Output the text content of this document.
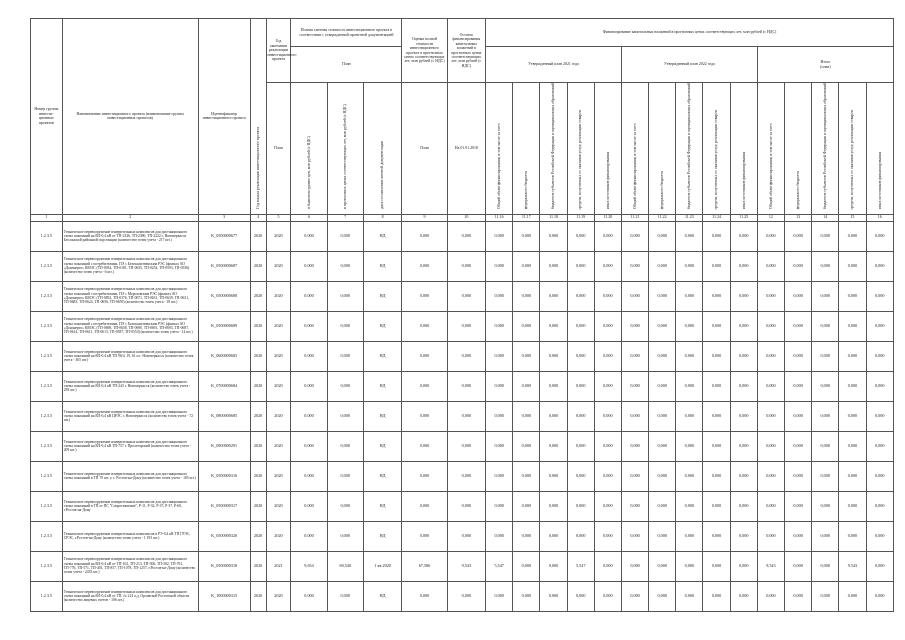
Номер группы инвести-ционных проектов	Наименование инвестиционного проекта (наименование группы инвестиционных проектов)	Идентификатор инвестиционного проекта	Год начала реализации инвестиционного проекта	Год окончания реализации инвестиционного проекта	Полная сметная стоимость инвестиционного проекта в соответствии с утвержденной проектной документацией			Оценка полной стоимости инвестиционного проекта в прогнозных ценах соответствующих лет, млн рублей (с НДС)	Остаток финансирования капитальных вложений в прогнозных ценах соответствующих лет, млн рублей (с НДС)	Финансирование капитальных вложений в прогнозных ценах соответствующих лет, млн рублей (с НДС)														
					План					Утвержденный план 2021 года					Утвержденный план 2022 года					Итого
(план)				
				План	в базисном уровне цен, млн рублей (с НДС)	в прогнозных ценах соответствующих лет, млн рублей (с НДС)	дата составления сметной документации	План	На 01.01.2018	Общий объем финансирования, в том числе за счет:	федерального бюджета	бюджетов субъектов Российской Федерации и муниципальных образований	средств, полученных от оказания услуг, реализации товаров	иных источников финансирования	Общий объем финансирования, в том числе за счет:	федерального бюджета	бюджетов субъектов Российской Федерации и муниципальных образований	средств, полученных от оказания услуг, реализации товаров	иных источников финансирования	Общий объем финансирования, в том числе за счет:	федерального бюджета	бюджетов субъектов Российской Федерации и муниципальных образований	средств, полученных от оказания услуг, реализации товаров	иных источников финансирования
1	2	3	4	5	6	7	8	9	10	11.16	11.17	11.18	11.19	11.20	11.21	11.22	11.23	11.24	11.25	12	13	14	15	16
1.2.3.5	Техническое перевооружение измерительных комплексов для дистанционного съема показаний на ВЛ-0,4 кВ от ТП-2326, ТП-2390, ТП-2222 г. Новочеркасск Бесланской районной подстанции (количество точек учета - 217 шт.)	K_0500000677	2020	2020	0,000	0,000	НД	0,000	0,000	0,000	0,000	0,000	0,000	0,000	0,000	0,000	0,000	0,000	0,000	0,000	0,000	0,000	0,000	0,000
1.2.3.5	Техническое перевооружение измерительных комплексов для дистанционного съема показаний с потребителями, ПЭ с Белокалитвенским РЭС (филиал АО «Донэнерго» КМЭС (ТП-0034, ТП-0181, ТП-0635, ТП-0254, ТП-0593, ТП-0556) (количество точек учета - 6 шт.)	K_0500000687	2020	2020	0,000	0,000	НД	0,000	0,000	0,000	0,000	0,000	0,000	0,000	0,000	0,000	0,000	0,000	0,000	0,000	0,000	0,000	0,000	0,000
1.2.3.5	Техническое перевооружение измерительных комплексов для дистанционного съема показаний с потребителями, ПЭ с Морозовским РЭС (филиал АО «Донэнерго» КМЭС (ТП-0852, ТП-0376, ТП-0071, ТП-0631, ТП-0639, ТП-0631, ТП-0683, ТП-0624, ТП-0656, ТП-0659) (количество точек учета - 18 шт.)	K_0500000688	2020	2020	0,000	0,000	НД	0,000	0,000	0,000	0,000	0,000	0,000	0,000	0,000	0,000	0,000	0,000	0,000	0,000	0,000	0,000	0,000	0,000
1.2.3.5	Техническое перевооружение измерительных комплексов для дистанционного съема показаний с потребителями, ПЭ с Белокалитвенским РЭС (филиал АО «Донэнерго» КМЭС (ТП-0698, ТП-0658, ТП-0690, ТП-0691, ТП-0693, ТП-0687, ТП-0614, ТП-0611, ТП-0613, ТП-0587, ТП-0553) (количество точек учета - 14 шт.)	K_0500000689	2020	2020	0,000	0,000	НД	0,000	0,000	0,000	0,000	0,000	0,000	0,000	0,000	0,000	0,000	0,000	0,000	0,000	0,000	0,000	0,000	0,000
1.2.3.5	Техническое перевооружение измерительных комплексов для дистанционного съема показаний на ВЛ-0,4 кВ ТП 96/4, 19, 61 и г. Новочеркасск (количество точек учета - 365 шт.)	K_0600000683	2020	2020	0,000	0,000	НД	0,000	0,000	0,000	0,000	0,000	0,000	0,000	0,000	0,000	0,000	0,000	0,000	0,000	0,000	0,000	0,000	0,000
1.2.3.5	Техническое перевооружение измерительных комплексов для дистанционного съема показаний на ВЛ-0,4 кВ ТП-243 г. Новочеркасск (количество точек учета - 258 шт.)	K_0700000684	2020	2020	0,000	0,000	НД	0,000	0,000	0,000	0,000	0,000	0,000	0,000	0,000	0,000	0,000	0,000	0,000	0,000	0,000	0,000	0,000	0,000
1.2.3.5	Техническое перевооружение измерительных комплексов для дистанционного съема показаний на ВЛ-0,4 кВ ЦРЭС г. Новочеркасск (количество точек учета - 72 шт.)	K_0800000685	2020	2020	0,000	0,000	НД	0,000	0,000	0,000	0,000	0,000	0,000	0,000	0,000	0,000	0,000	0,000	0,000	0,000	0,000	0,000	0,000	0,000
1.2.3.5	Техническое перевооружение измерительных комплексов для дистанционного съема показаний на ВЛ-0,4 кВ ТП-757 г. Пролетарский (количество точек учета - 209 шт.)	K_0900000291	2020	2020	0,000	0,000	НД	0,000	0,000	0,000	0,000	0,000	0,000	0,000	0,000	0,000	0,000	0,000	0,000	0,000	0,000	0,000	0,000	0,000
1.2.3.5	Техническое перевооружение измерительных комплексов для дистанционного съема показаний в ТП 70 шт. у. г. Ростов-на-Дону (количество точек учета - 105 шт.)	K_0500000316	2020	2020	0,000	0,000	НД	0,000	0,000	0,000	0,000	0,000	0,000	0,000	0,000	0,000	0,000	0,000	0,000	0,000	0,000	0,000	0,000	0,000
1.2.3.5	Техническое перевооружение измерительных комплексов для дистанционного съема показаний в ТП от ПС "Сопротивление", Р-11, Р-32, Р-37, Р-37, Р-60, г.Ростов-на-Дону	K_0500000317	2020	2020	0,000	0,000	НД	0,000	0,000	0,000	0,000	0,000	0,000	0,000	0,000	0,000	0,000	0,000	0,000	0,000	0,000	0,000	0,000	0,000
1.2.3.5	Техническое перевооружение измерительных комплексов в РЭ-0,4 кВ ТП ГРЭС, СРЭС, г.Ростов-на-Дону (количество точек учета - 1 193 шт.)	K_0500000320	2020	2020	0,000	0,000	НД	0,000	0,000	0,000	0,000	0,000	0,000	0,000	0,000	0,000	0,000	0,000	0,000	0,000	0,000	0,000	0,000	0,000
1.2.3.5	Техническое перевооружение измерительных комплексов для дистанционного съема показаний на ВЛ-0,4 кВ от ТП-102, ТП-213, ТП-306, ТП-302, ТП-761, ТП-776, ТП-571, ТП-401, ТП-857, ТП-1078, ТП-1257, г.Ростов-на-Дону (количество точек учета - 2435 шт.)	K_0500000318	2020	2021	9,654	69,540	1 кв 2020	67,586	9,543	5,547	0,000	0,000	5,547	0,000	0,000	0,000	0,000	0,000	0,000	9,543	0,000	0,000	9,543	0,000
1.2.3.5	Техническое перевооружение измерительных комплексов для дистанционного съема показаний на ВЛ-0,4 кВ от ТП, № 214 а.д. Орловской Ростовской области (количество лицевых счетов - 106 шт.)	K_1000000315	2020	2020	0,000	0,000	НД	0,000	0,000	0,000	0,000	0,000	0,000	0,000	0,000	0,000	0,000	0,000	0,000	0,000	0,000	0,000	0,000	0,000
